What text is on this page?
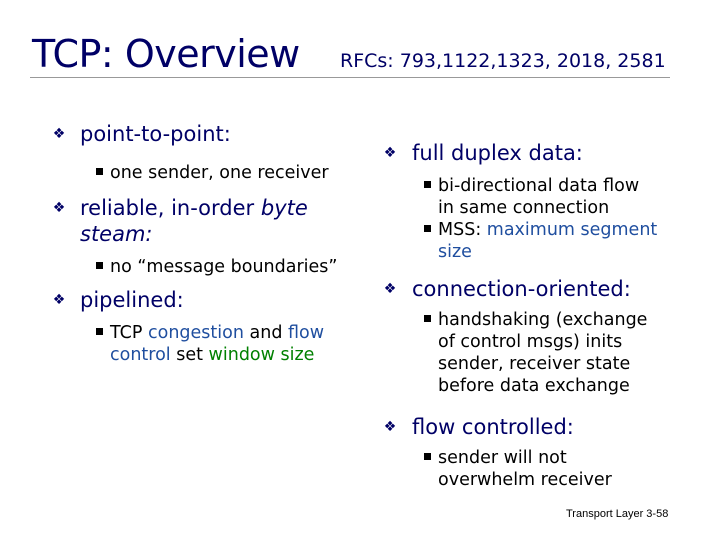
TCP: Overview RFCs: 793,1122,1323, 2018, 2581
❖ point-to-point:
one sender, one receiver
❖ reliable, in-order byte
steam:
no “message boundaries”
❖ pipelined:
TCP congestion and flow
control set window size
❖ full duplex data:
bi-directional data flow
in same connection
MSS: maximum segment
size
❖ connection-oriented:
handshaking (exchange
of control msgs) inits
sender, receiver state
before data exchange
❖ flow controlled:
sender will not
overwhelm receiver
Transport Layer 3-58
